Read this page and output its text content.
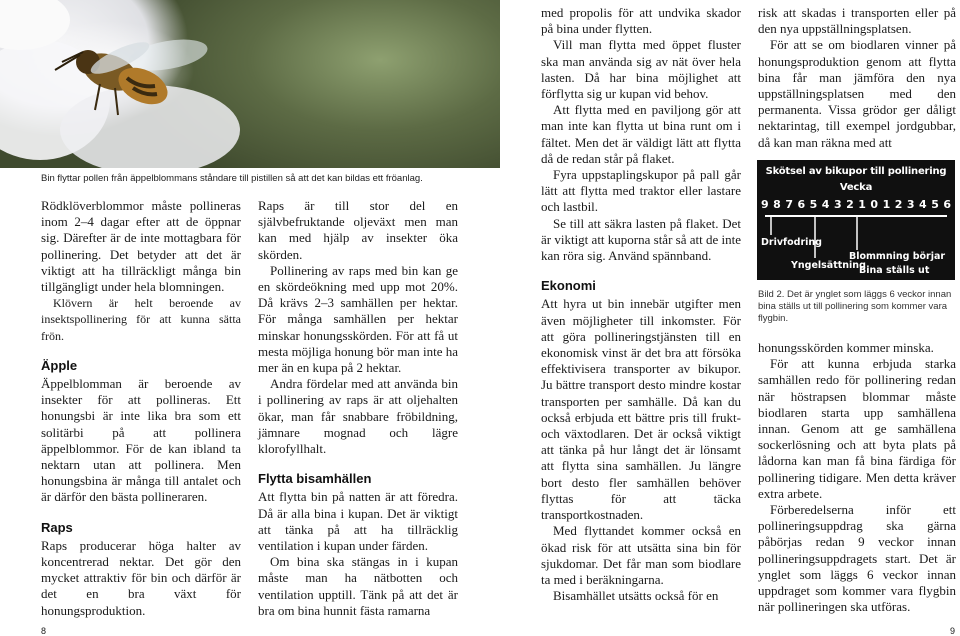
Bin flyttar pollen från äppelblommans ståndare till pistillen så att det kan bildas ett fröanlag.

Rödklöverblommor måste pollineras inom 2–4 dagar efter att de öppnar sig. Därefter är de inte mottagbara för pollinering. Det betyder att det är viktigt att ha tillräckligt många bin tillgängligt under hela blomningen.

Klövern är helt beroende av insektspollinering för att kunna sätta frön.

Äpple

Äppelblomman är beroende av insekter för att pollineras. Ett honungsbi är inte lika bra som ett solitärbi på att pollinera äppelblommor. För de kan ibland ta nektarn utan att pollinera. Men honungsbina är många till antalet och är därför den bästa pollineraren.

Raps

Raps producerar höga halter av koncentrerad nektar. Det gör den mycket attraktiv för bin och därför är det en bra växt för honungsproduktion.

Raps är till stor del en självbefruktande oljeväxt men man kan med hjälp av insekter öka skörden.

Pollinering av raps med bin kan ge en skördeökning med upp mot 20%. Då krävs 2–3 samhällen per hektar. För många samhällen per hektar minskar honungsskörden. För att få ut mesta möjliga honung bör man inte ha mer än en kupa på 2 hektar.

Andra fördelar med att använda bin i pollinering av raps är att oljehalten ökar, man får snabbare fröbildning, jämnare mognad och lägre klorofyllhalt.

Flytta bisamhällen

Att flytta bin på natten är att föredra. Då är alla bina i kupan. Det är viktigt att tänka på att ha tillräcklig ventilation i kupan under färden.

Om bina ska stängas in i kupan måste man ha nätbotten och ventilation upptill. Tänk på att det är bra om bina hunnit fästa ramarna

med propolis för att undvika skador på bina under flytten.

Vill man flytta med öppet fluster ska man använda sig av nät över hela lasten. Då har bina möjlighet att förflytta sig ur kupan vid behov.

Att flytta med en paviljong gör att man inte kan flytta ut bina runt om i fältet. Men det är väldigt lätt att flytta då de redan står på flaket.

Fyra uppstaplingskupor på pall går lätt att flytta med traktor eller lastare och lastbil.

Se till att säkra lasten på flaket. Det är viktigt att kuporna står så att de inte kan röra sig. Använd spännband.

Ekonomi

Att hyra ut bin innebär utgifter men även möjligheter till inkomster. För att göra pollineringstjänsten till en ekonomisk vinst är det bra att försöka effektivisera transporter av bikupor. Ju bättre transport desto mindre kostar transporten per samhälle. Då kan du också erbjuda ett bättre pris till frukt- och växtodlaren. Det är också viktigt att tänka på hur långt det är lönsamt att flytta sina samhällen. Ju längre bort desto fler samhällen behöver flyttas för att täcka transportkostnaden.

Med flyttandet kommer också en ökad risk för att utsätta sina bin för sjukdomar. Det får man som biodlare ta med i beräkningarna.

Bisamhället utsätts också för en

risk att skadas i transporten eller på den nya uppställningsplatsen.

För att se om biodlaren vinner på honungsproduktion genom att flytta bina får man jämföra den nya uppställningsplatsen med den permanenta. Vissa grödor ger dåligt nektarintag, till exempel jordgubbar, då kan man räkna med att

Skötsel av bikupor till pollinering
Vecka
9 8 7 6 5 4 3 2 1 0 1 2 3 4 5 6
Drivfodring
Yngelsättning
Blommning börjar
Bina ställs ut
Bild 2. Det är ynglet som läggs 6 veckor innan bina ställs ut till pollinering som kommer vara flygbin.

honungsskörden kommer minska.

För att kunna erbjuda starka samhällen redo för pollinering redan när höstrapsen blommar måste biodlaren starta upp samhällena innan. Genom att ge samhällena sockerlösning och att byta plats på lådorna kan man få bina färdiga för pollinering tidigare. Men detta kräver extra arbete.

Förberedelserna inför ett pollineringsuppdrag ska gärna påbörjas redan 9 veckor innan pollineringsuppdragets start. Det är ynglet som läggs 6 veckor innan uppdraget som kommer vara flygbin när pollineringen ska utföras.

8	9
